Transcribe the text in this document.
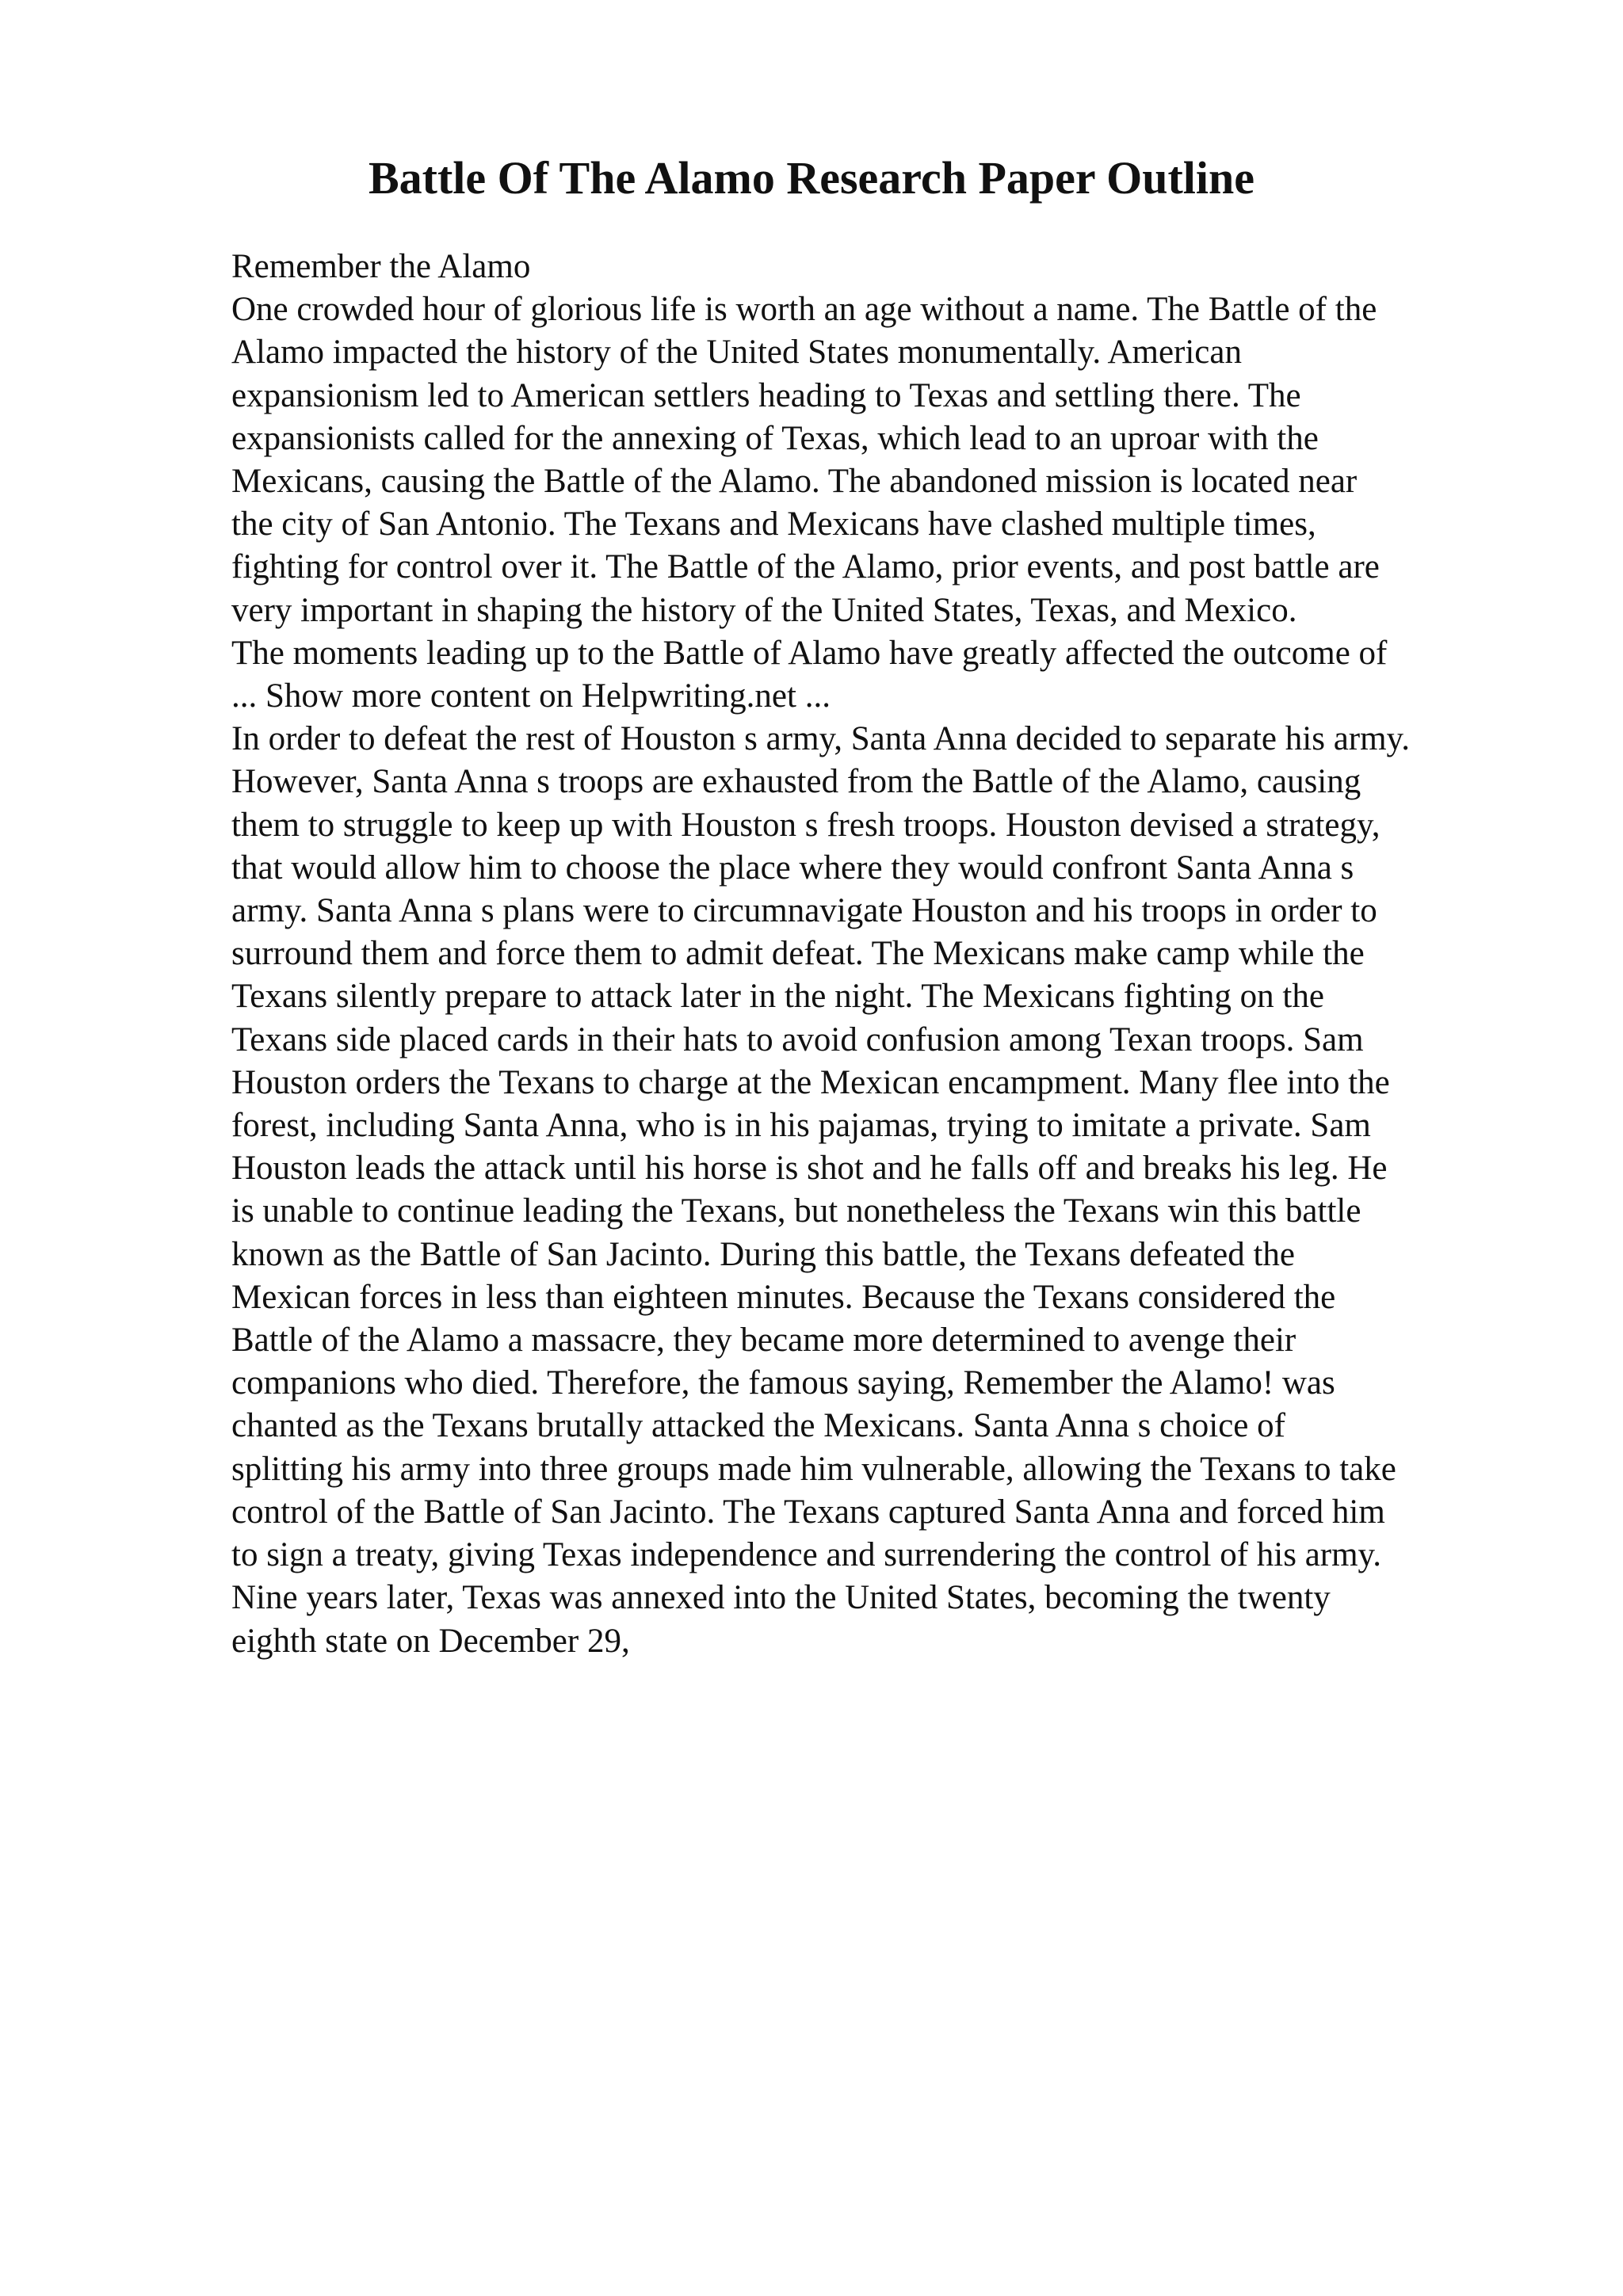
Battle Of The Alamo Research Paper Outline
Remember the Alamo
One crowded hour of glorious life is worth an age without a name. The Battle of the
Alamo impacted the history of the United States monumentally. American
expansionism led to American settlers heading to Texas and settling there. The
expansionists called for the annexing of Texas, which lead to an uproar with the
Mexicans, causing the Battle of the Alamo. The abandoned mission is located near
the city of San Antonio. The Texans and Mexicans have clashed multiple times,
fighting for control over it. The Battle of the Alamo, prior events, and post battle are
very important in shaping the history of the United States, Texas, and Mexico.
The moments leading up to the Battle of Alamo have greatly affected the outcome of
... Show more content on Helpwriting.net ...
In order to defeat the rest of Houston s army, Santa Anna decided to separate his army.
However, Santa Anna s troops are exhausted from the Battle of the Alamo, causing
them to struggle to keep up with Houston s fresh troops. Houston devised a strategy,
that would allow him to choose the place where they would confront Santa Anna s
army. Santa Anna s plans were to circumnavigate Houston and his troops in order to
surround them and force them to admit defeat. The Mexicans make camp while the
Texans silently prepare to attack later in the night. The Mexicans fighting on the
Texans side placed cards in their hats to avoid confusion among Texan troops. Sam
Houston orders the Texans to charge at the Mexican encampment. Many flee into the
forest, including Santa Anna, who is in his pajamas, trying to imitate a private. Sam
Houston leads the attack until his horse is shot and he falls off and breaks his leg. He
is unable to continue leading the Texans, but nonetheless the Texans win this battle
known as the Battle of San Jacinto. During this battle, the Texans defeated the
Mexican forces in less than eighteen minutes. Because the Texans considered the
Battle of the Alamo a massacre, they became more determined to avenge their
companions who died. Therefore, the famous saying, Remember the Alamo! was
chanted as the Texans brutally attacked the Mexicans. Santa Anna s choice of
splitting his army into three groups made him vulnerable, allowing the Texans to take
control of the Battle of San Jacinto. The Texans captured Santa Anna and forced him
to sign a treaty, giving Texas independence and surrendering the control of his army.
Nine years later, Texas was annexed into the United States, becoming the twenty
eighth state on December 29,
